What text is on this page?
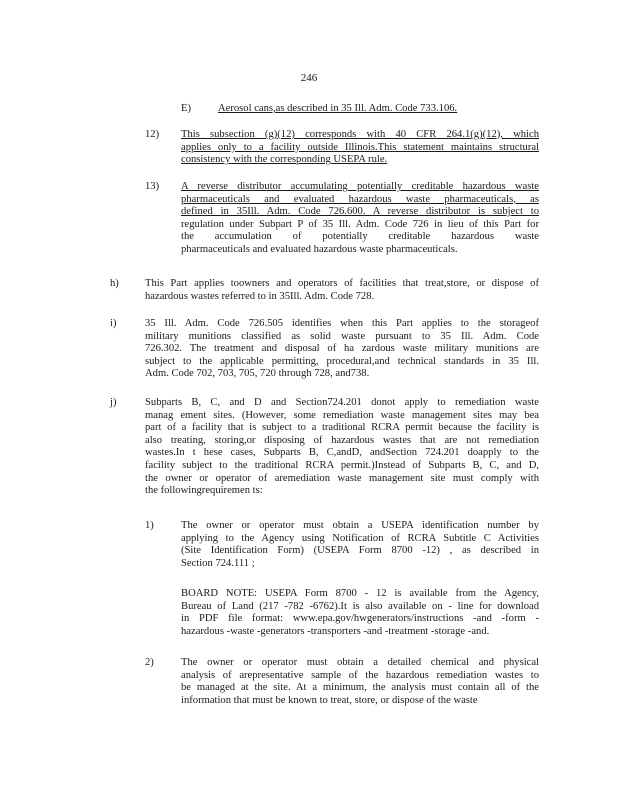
246
E)	Aerosol cans,as described in 35 Ill. Adm. Code 733.106.
12) This subsection (g)(12) corresponds with 40 CFR 264.1(g)(12), which
applies only to a facility outside Illinois.This statement maintains structural
consistency with the corresponding USEPA rule.
13) A reverse distributor accumulating potentially creditable hazardous waste
pharmaceuticals and evaluated hazardous waste pharmaceuticals, as
defined in 35Ill. Adm. Code 726.600. A reverse distributor is subject to
regulation under Subpart P of 35 Ill. Adm. Code 726 in lieu of this Part for
the accumulation of potentially creditable hazardous waste
pharmaceuticals and evaluated hazardous waste pharmaceuticals.
h) This Part applies toowners and operators of facilities that treat,store, or dispose of
hazardous wastes referred to in 35Ill. Adm. Code 728.
i)	35 Ill. Adm. Code 726.505 identifies when this Part applies to the storageof
military munitions classified as solid waste pursuant to 35 Ill. Adm. Code
726.302. The treatment and disposal of ha zardous waste military munitions are
subject to the applicable permitting, procedural,and technical standards in 35 Ill.
Adm. Code 702, 703, 705, 720 through 728, and738.
j)	Subparts B, C, and D and Section724.201 donot apply to remediation waste
manag ement sites. (However, some remediation waste management sites may bea
part of a facility that is subject to a traditional RCRA permit because the facility is
also treating, storing,or disposing of hazardous wastes that are not remediation
wastes.In t hese cases, Subparts B, C,andD, andSection 724.201 doapply to the
facility subject to the traditional RCRA permit.)Instead of Subparts B, C, and D,
the owner or operator of aremediation waste management site must comply with
the followingrequiremen ts:
1)	The owner or operator must obtain a USEPA identification number by
applying to the Agency using Notification of RCRA Subtitle C Activities
(Site Identification Form) (USEPA Form 8700 -12) , as described in
Section 724.111 ;
BOARD NOTE: USEPA Form 8700 - 12 is available from the Agency,
Bureau of Land (217 -782 -6762).It is also available on - line for download
in PDF file format: www.epa.gov/hwgenerators/instructions -and -form -
hazardous -waste -generators -transporters -and -treatment -storage -and.
2)	The owner or operator must obtain a detailed chemical and physical
analysis of arepresentative sample of the hazardous remediation wastes to
be managed at the site. At a minimum, the analysis must contain all of the
information that must be known to treat, store, or dispose of the waste
